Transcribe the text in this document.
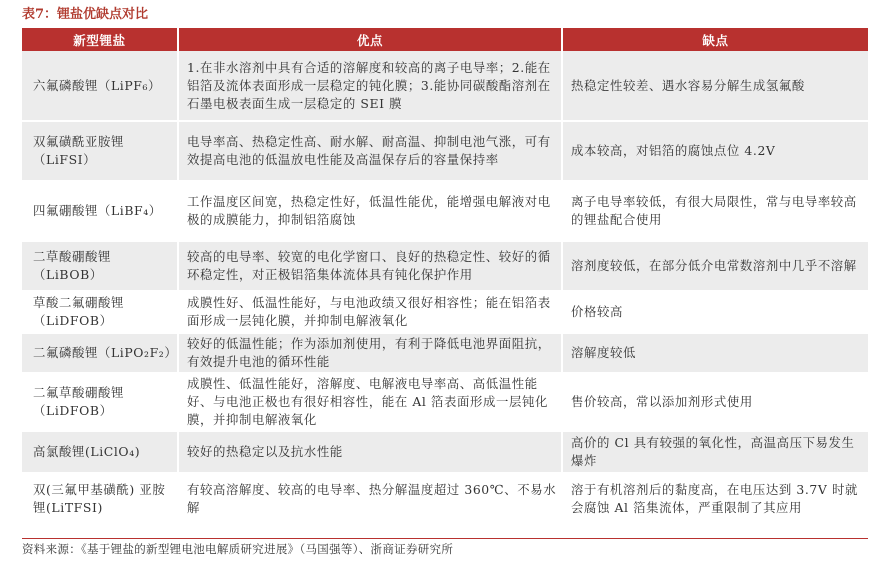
表7：锂盐优缺点对比
新型锂盐	优点	缺点
六氟磷酸锂（LiPF₆）	1.在非水溶剂中具有合适的溶解度和较高的离子电导率；2.能在铝箔及流体表面形成一层稳定的钝化膜；3.能协同碳酸酯溶剂在石墨电极表面生成一层稳定的 SEI 膜	热稳定性较差、遇水容易分解生成氢氟酸
双氟磺酰亚胺锂（LiFSI）	电导率高、热稳定性高、耐水解、耐高温、抑制电池气涨，可有效提高电池的低温放电性能及高温保存后的容量保持率	成本较高，对铝箔的腐蚀点位 4.2V
四氟硼酸锂（LiBF₄）	工作温度区间宽，热稳定性好，低温性能优，能增强电解液对电极的成膜能力，抑制铝箔腐蚀	离子电导率较低，有很大局限性，常与电导率较高的锂盐配合使用
二草酸硼酸锂（LiBOB）	较高的电导率、较宽的电化学窗口、良好的热稳定性、较好的循环稳定性，对正极铝箔集体流体具有钝化保护作用	溶剂度较低，在部分低介电常数溶剂中几乎不溶解
草酸二氟硼酸锂（LiDFOB）	成膜性好、低温性能好，与电池政绩又很好相容性；能在铝箔表面形成一层钝化膜，并抑制电解液氧化	价格较高
二氟磷酸锂（LiPO₂F₂）	较好的低温性能；作为添加剂使用，有利于降低电池界面阻抗，有效提升电池的循环性能	溶解度较低
二氟草酸硼酸锂（LiDFOB）	成膜性、低温性能好，溶解度、电解液电导率高、高低温性能好、与电池正极也有很好相容性，能在 Al 箔表面形成一层钝化膜，并抑制电解液氧化	售价较高，常以添加剂形式使用
高氯酸锂(LiClO₄)	较好的热稳定以及抗水性能	高价的 Cl 具有较强的氧化性，高温高压下易发生爆炸
双(三氟甲基磺酰) 亚胺锂(LiTFSI)	有较高溶解度、较高的电导率、热分解温度超过 360℃、不易水解	溶于有机溶剂后的黏度高，在电压达到 3.7V 时就会腐蚀 Al 箔集流体，严重限制了其应用
资料来源：《基于锂盐的新型锂电池电解质研究进展》（马国强等）、浙商证券研究所
